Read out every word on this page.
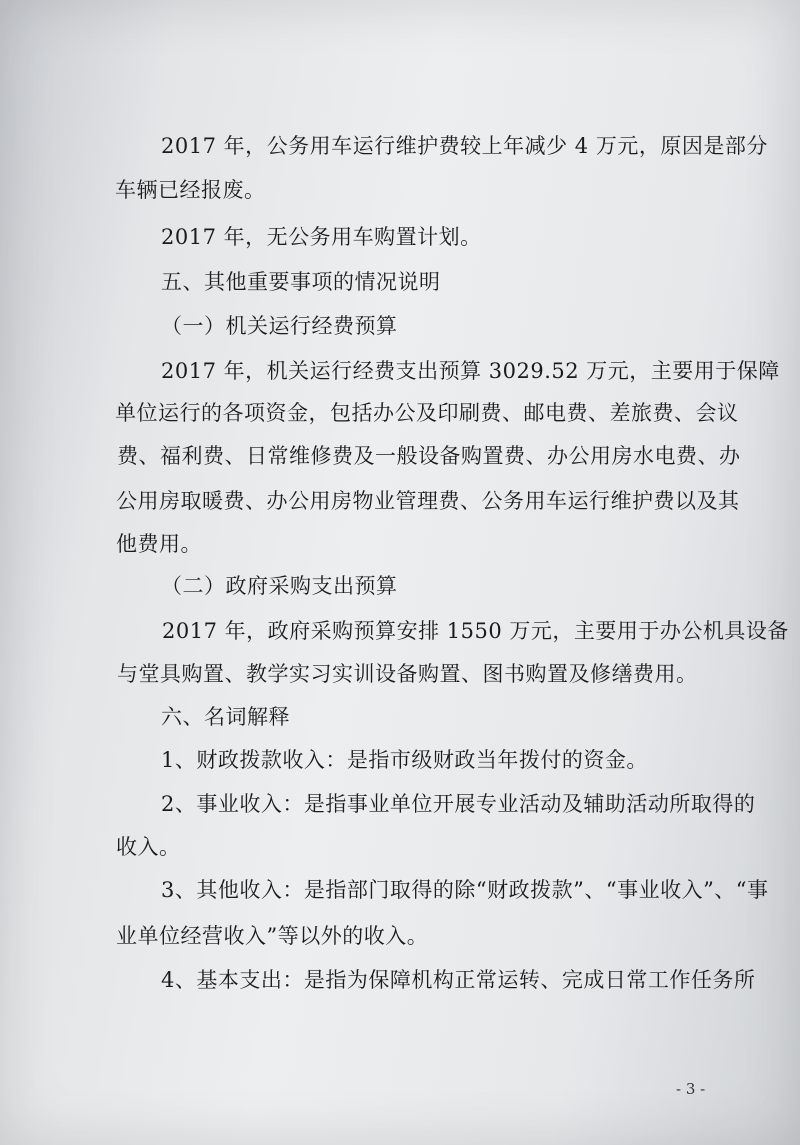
2017 年，公务用车运行维护费较上年减少 4 万元，原因是部分
车辆已经报废。
2017 年，无公务用车购置计划。
五、其他重要事项的情况说明
（一）机关运行经费预算
2017 年，机关运行经费支出预算 3029.52 万元，主要用于保障
单位运行的各项资金，包括办公及印刷费、邮电费、差旅费、会议
费、福利费、日常维修费及一般设备购置费、办公用房水电费、办
公用房取暖费、办公用房物业管理费、公务用车运行维护费以及其
他费用。
（二）政府采购支出预算
2017 年，政府采购预算安排 1550 万元，主要用于办公机具设备
与堂具购置、教学实习实训设备购置、图书购置及修缮费用。
六、名词解释
1、财政拨款收入：是指市级财政当年拨付的资金。
2、事业收入：是指事业单位开展专业活动及辅助活动所取得的
收入。
3、其他收入：是指部门取得的除“财政拨款”、“事业收入”、“事
业单位经营收入”等以外的收入。
4、基本支出：是指为保障机构正常运转、完成日常工作任务所
- 3 -
